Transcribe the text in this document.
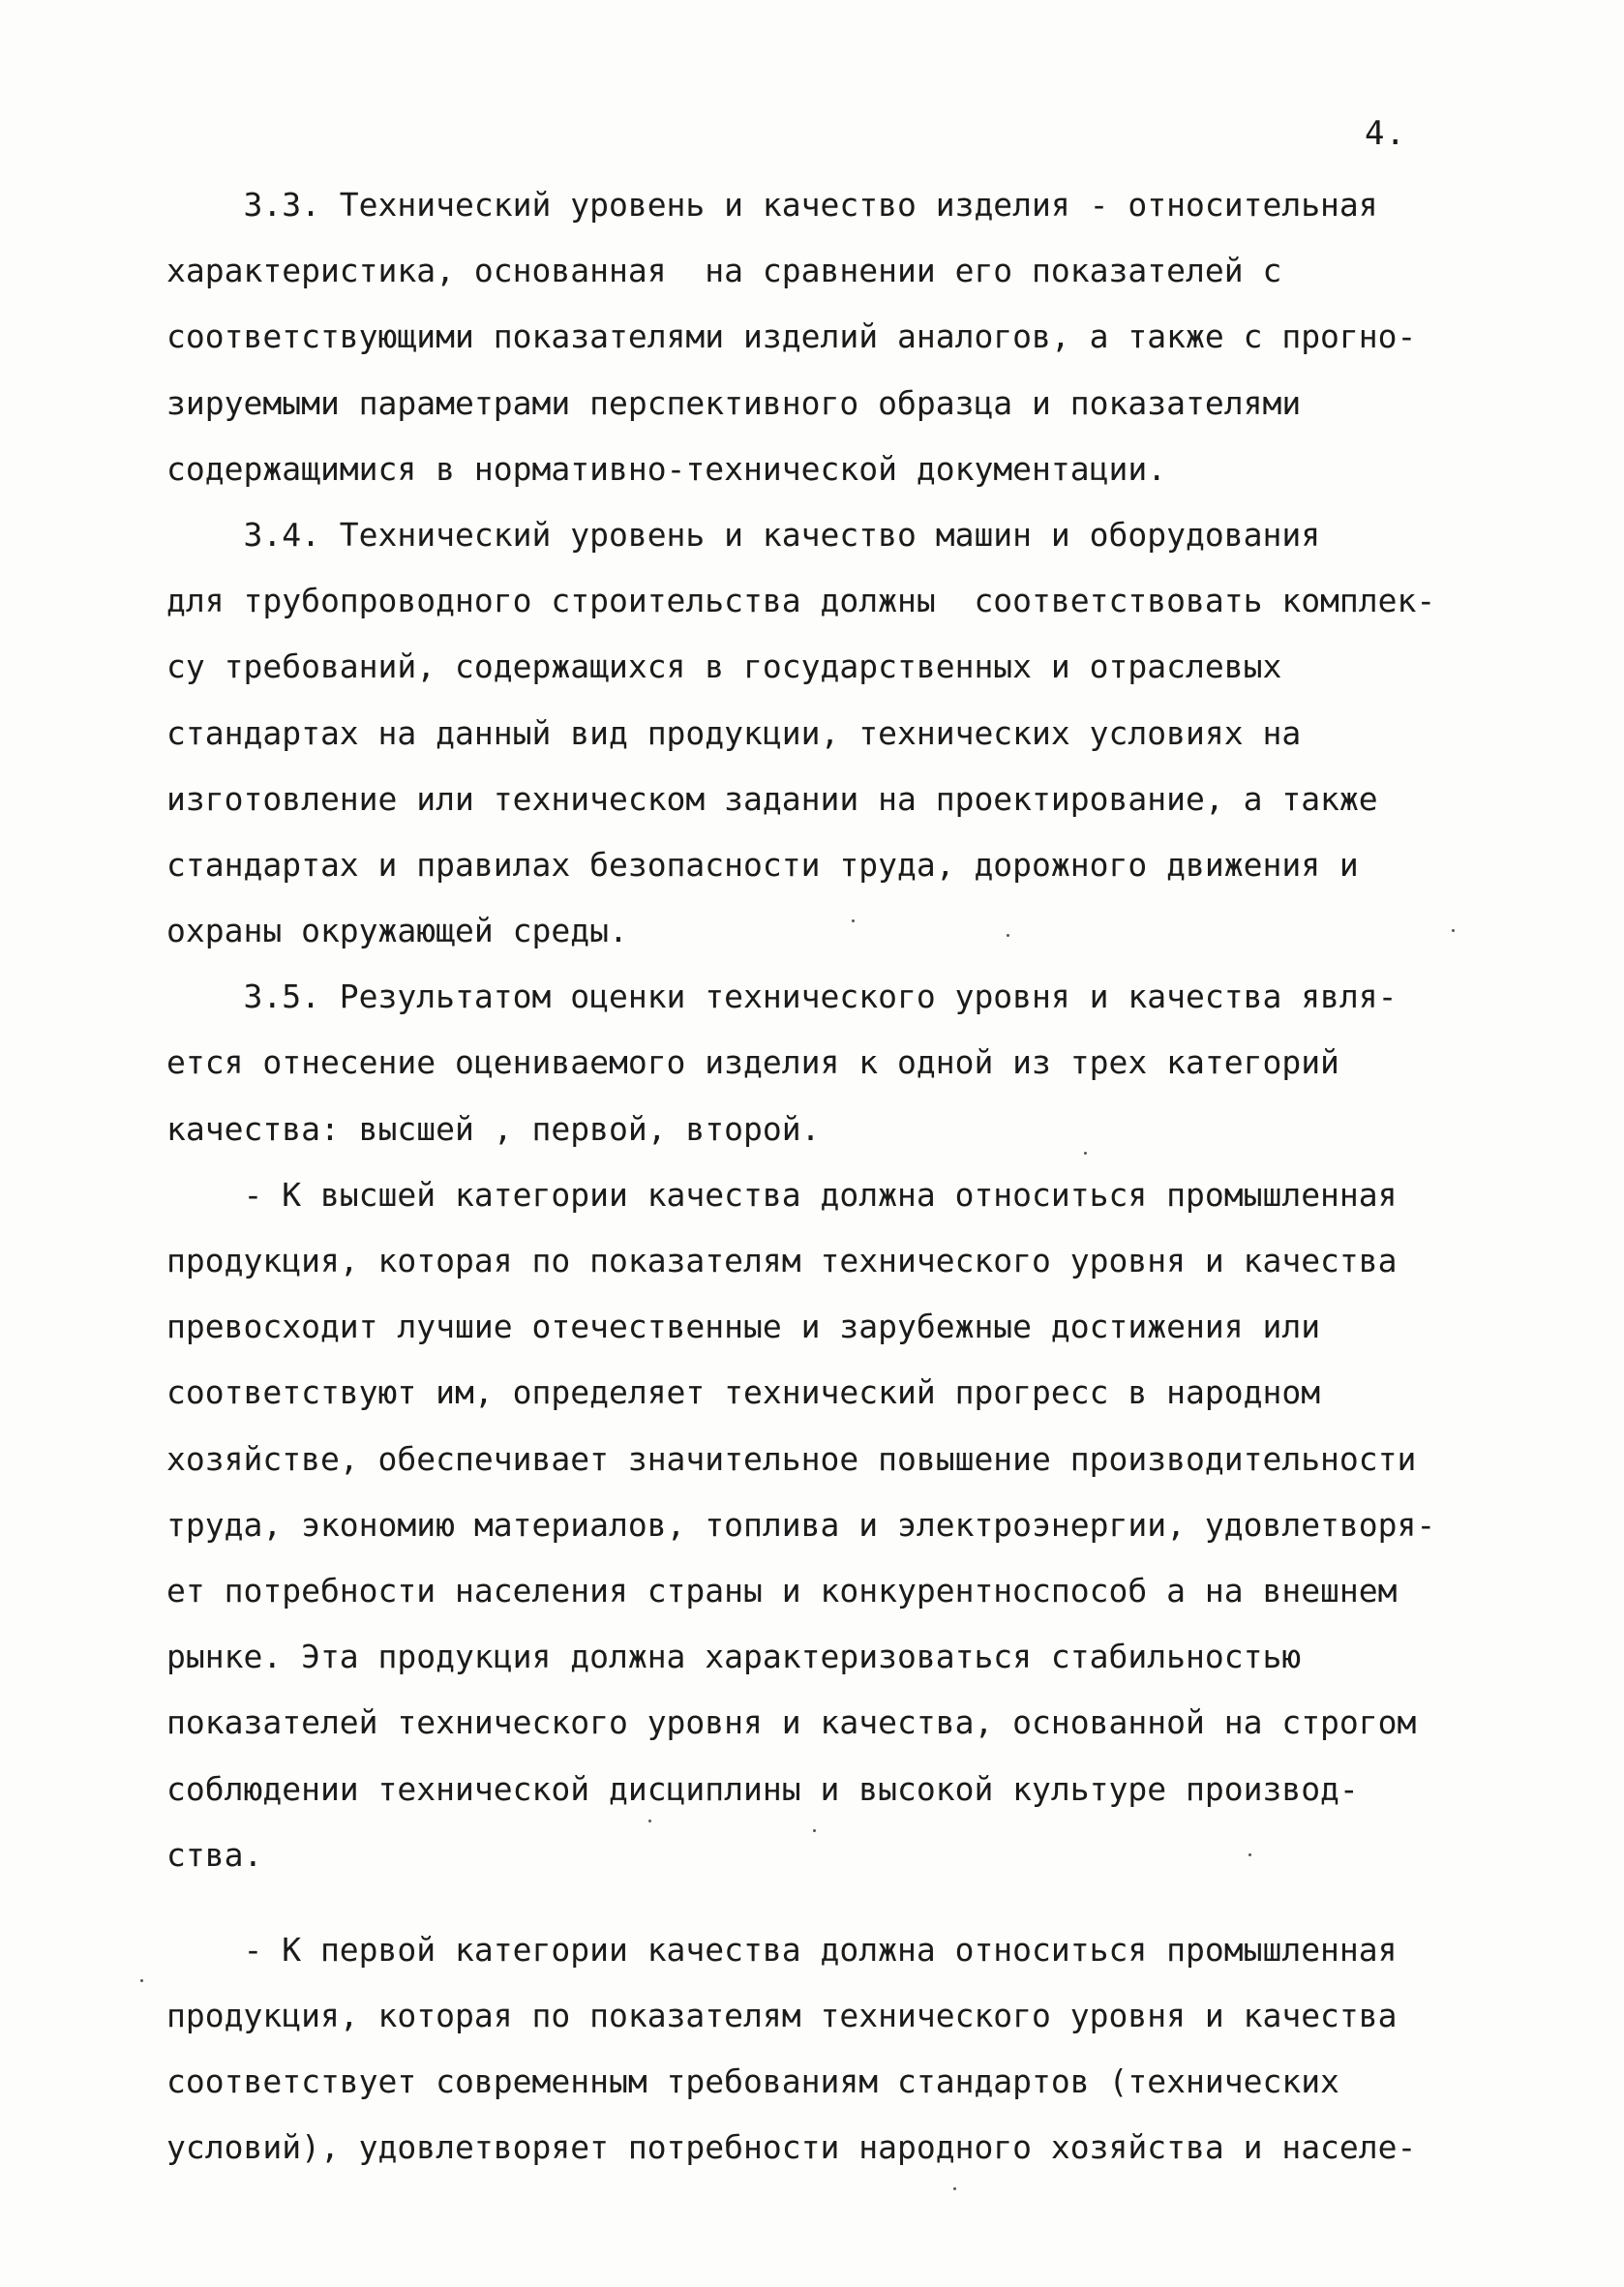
4.
3.3. Технический уровень и качество изделия - относительная
характеристика, основанная  на сравнении его показателей с
соответствующими показателями изделий аналогов, а также с прогно-
зируемыми параметрами перспективного образца и показателями
содержащимися в нормативно-технической документации.
3.4. Технический уровень и качество машин и оборудования
для трубопроводного строительства должны  соответствовать комплек-
су требований, содержащихся в государственных и отраслевых
стандартах на данный вид продукции, технических условиях на
изготовление или техническом задании на проектирование, а также
стандартах и правилах безопасности труда, дорожного движения и
охраны окружающей среды.
3.5. Результатом оценки технического уровня и качества явля-
ется отнесение оцениваемого изделия к одной из трех категорий
качества: высшей , первой, второй.
- К высшей категории качества должна относиться промышленная
продукция, которая по показателям технического уровня и качества
превосходит лучшие отечественные и зарубежные достижения или
соответствуют им, определяет технический прогресс в народном
хозяйстве, обеспечивает значительное повышение производительности
труда, экономию материалов, топлива и электроэнергии, удовлетворя-
ет потребности населения страны и конкурентноспособ а на внешнем
рынке. Эта продукция должна характеризоваться стабильностью
показателей технического уровня и качества, основанной на строгом
соблюдении технической дисциплины и высокой культуре производ-
ства.
- К первой категории качества должна относиться промышленная
продукция, которая по показателям технического уровня и качества
соответствует современным требованиям стандартов (технических
условий), удовлетворяет потребности народного хозяйства и населе-
